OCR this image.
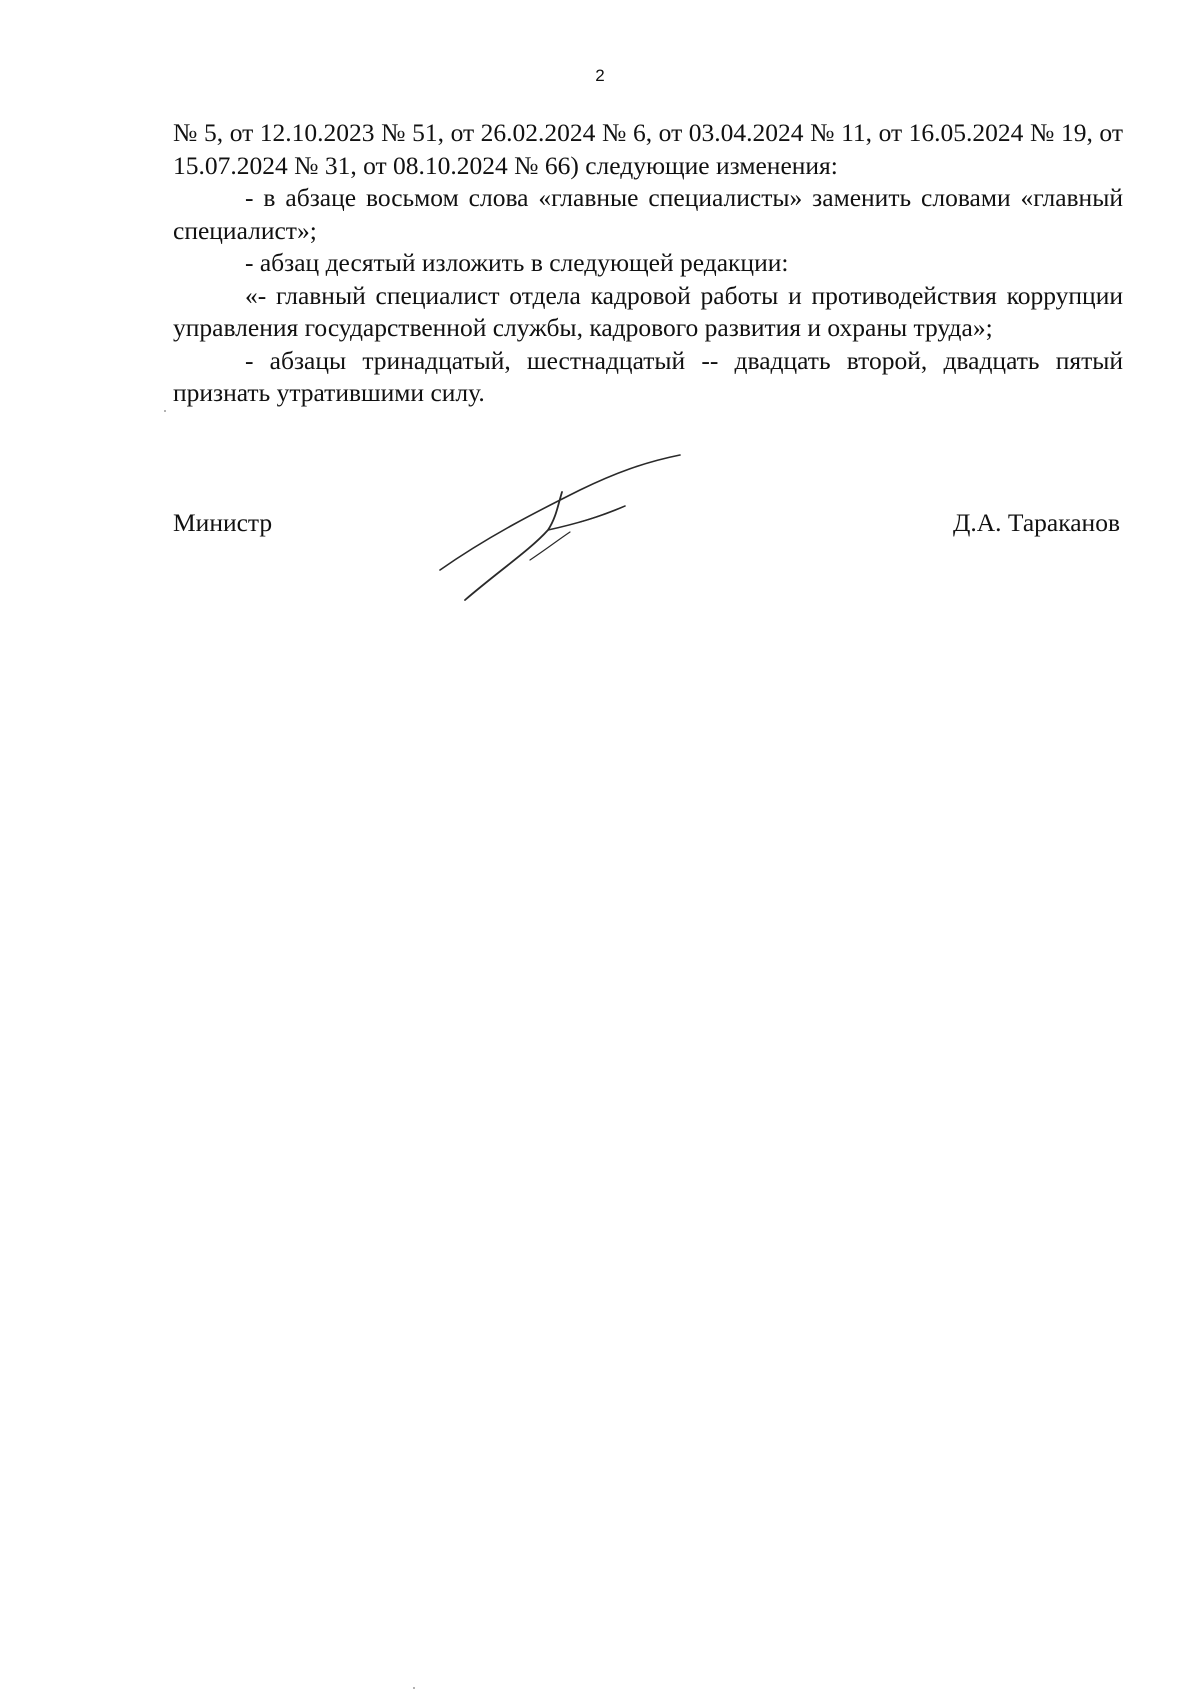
2

№ 5, от 12.10.2023 № 51, от 26.02.2024 № 6, от 03.04.2024 № 11, от 16.05.2024 № 19, от 15.07.2024 № 31, от 08.10.2024 № 66) следующие изменения:

- в абзаце восьмом слова «главные специалисты» заменить словами «главный специалист»;

- абзац десятый изложить в следующей редакции:

«- главный специалист отдела кадровой работы и противодействия коррупции управления государственной службы, кадрового развития и охраны труда»;

- абзацы тринадцатый, шестнадцатый -- двадцать второй, двадцать пятый признать утратившими силу.

Министр	Д.А. Тараканов
